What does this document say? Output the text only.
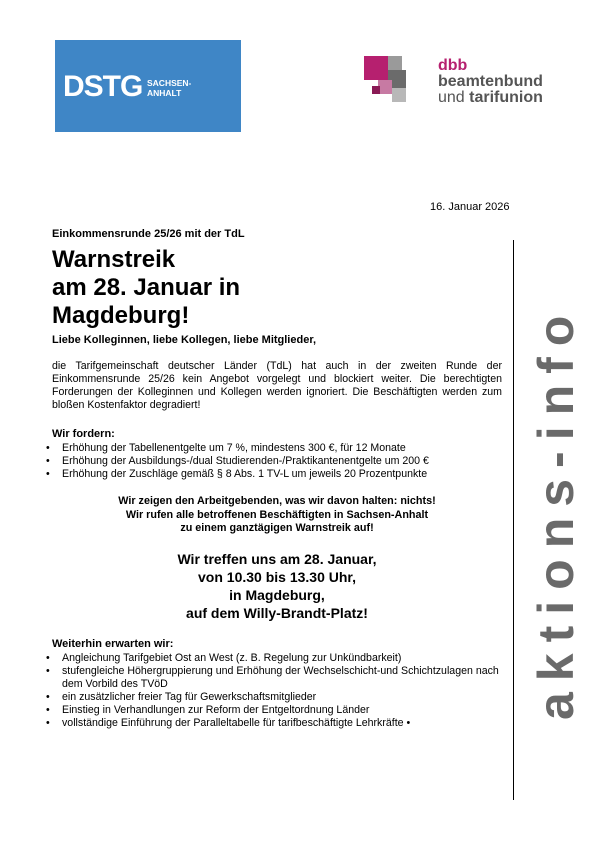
DSTG SACHSEN-
ANHALT
dbb
beamtenbund
und tarifunion
16. Januar 2026
aktions-info

Einkommensrunde 25/26 mit der TdL

Warnstreik
am 28. Januar in
Magdeburg!

Liebe Kolleginnen, liebe Kollegen, liebe Mitglieder,

die Tarifgemeinschaft deutscher Länder (TdL) hat auch in der zweiten Runde der Einkommensrunde 25/26 kein Angebot vorgelegt und blockiert weiter. Die berechtigten Forderungen der Kolleginnen und Kollegen werden ignoriert. Die Beschäftigten werden zum bloßen Kostenfaktor degradiert!

Wir fordern:

• Erhöhung der Tabellenentgelte um 7 %, mindestens 300 €, für 12 Monate
• Erhöhung der Ausbildungs-/dual Studierenden-/Praktikantenentgelte um 200 €
• Erhöhung der Zuschläge gemäß § 8 Abs. 1 TV-L um jeweils 20 Prozentpunkte
Wir zeigen den Arbeitgebenden, was wir davon halten: nichts!
Wir rufen alle betroffenen Beschäftigten in Sachsen-Anhalt
zu einem ganztägigen Warnstreik auf!
Wir treffen uns am 28. Januar,
von 10.30 bis 13.30 Uhr,
in Magdeburg,
auf dem Willy-Brandt-Platz!

Weiterhin erwarten wir:

• Angleichung Tarifgebiet Ost an West (z. B. Regelung zur Unkündbarkeit)
• stufengleiche Höhergruppierung und Erhöhung der Wechselschicht-und Schichtzulagen nach dem Vorbild des TVöD
• ein zusätzlicher freier Tag für Gewerkschaftsmitglieder
• Einstieg in Verhandlungen zur Reform der Entgeltordnung Länder
• vollständige Einführung der Paralleltabelle für tarifbeschäftigte Lehrkräfte •
